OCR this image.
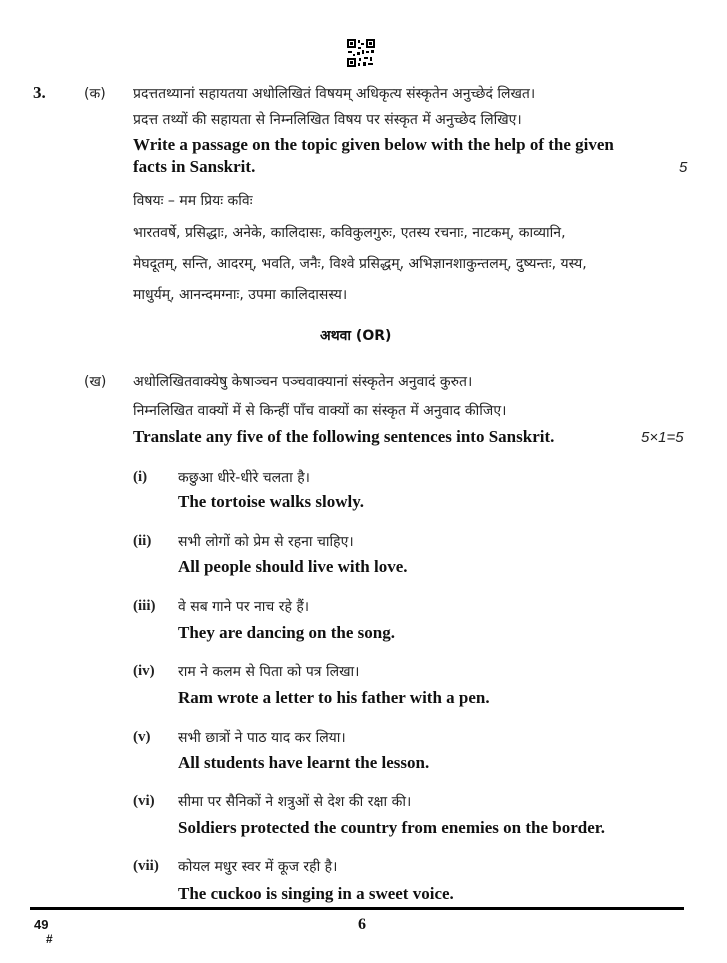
3.	(क) प्रदत्ततथ्यानां सहायतया अधोलिखितं विषयम् अधिकृत्य संस्कृतेन अनुच्छेदं लिखत।
प्रदत्त तथ्यों की सहायता से निम्नलिखित विषय पर संस्कृत में अनुच्छेद लिखिए।
Write a passage on the topic given below with the help of the given
facts in Sanskrit.	5
विषयः – मम प्रियः कविः
भारतवर्षे, प्रसिद्धाः, अनेके, कालिदासः, कविकुलगुरुः, एतस्य रचनाः, नाटकम्, काव्यानि,
मेघदूतम्, सन्ति, आदरम्, भवति, जनैः, विश्वे प्रसिद्धम्, अभिज्ञानशाकुन्तलम्, दुष्यन्तः, यस्य,
माधुर्यम्, आनन्दमग्नाः, उपमा कालिदासस्य।
अथवा (OR)
(ख) अधोलिखितवाक्येषु केषाञ्चन पञ्चवाक्यानां संस्कृतेन अनुवादं कुरुत।
निम्नलिखित वाक्यों में से किन्हीं पाँच वाक्यों का संस्कृत में अनुवाद कीजिए।
Translate any five of the following sentences into Sanskrit.	5×1=5
(i) कछुआ धीरे-धीरे चलता है।
The tortoise walks slowly.
(ii) सभी लोगों को प्रेम से रहना चाहिए।
All people should live with love.
(iii) वे सब गाने पर नाच रहे हैं।
They are dancing on the song.
(iv) राम ने कलम से पिता को पत्र लिखा।
Ram wrote a letter to his father with a pen.
(v) सभी छात्रों ने पाठ याद कर लिया।
All students have learnt the lesson.
(vi) सीमा पर सैनिकों ने शत्रुओं से देश की रक्षा की।
Soldiers protected the country from enemies on the border.
(vii) कोयल मधुर स्वर में कूज रही है।
The cuckoo is singing in a sweet voice.
49
#
6
